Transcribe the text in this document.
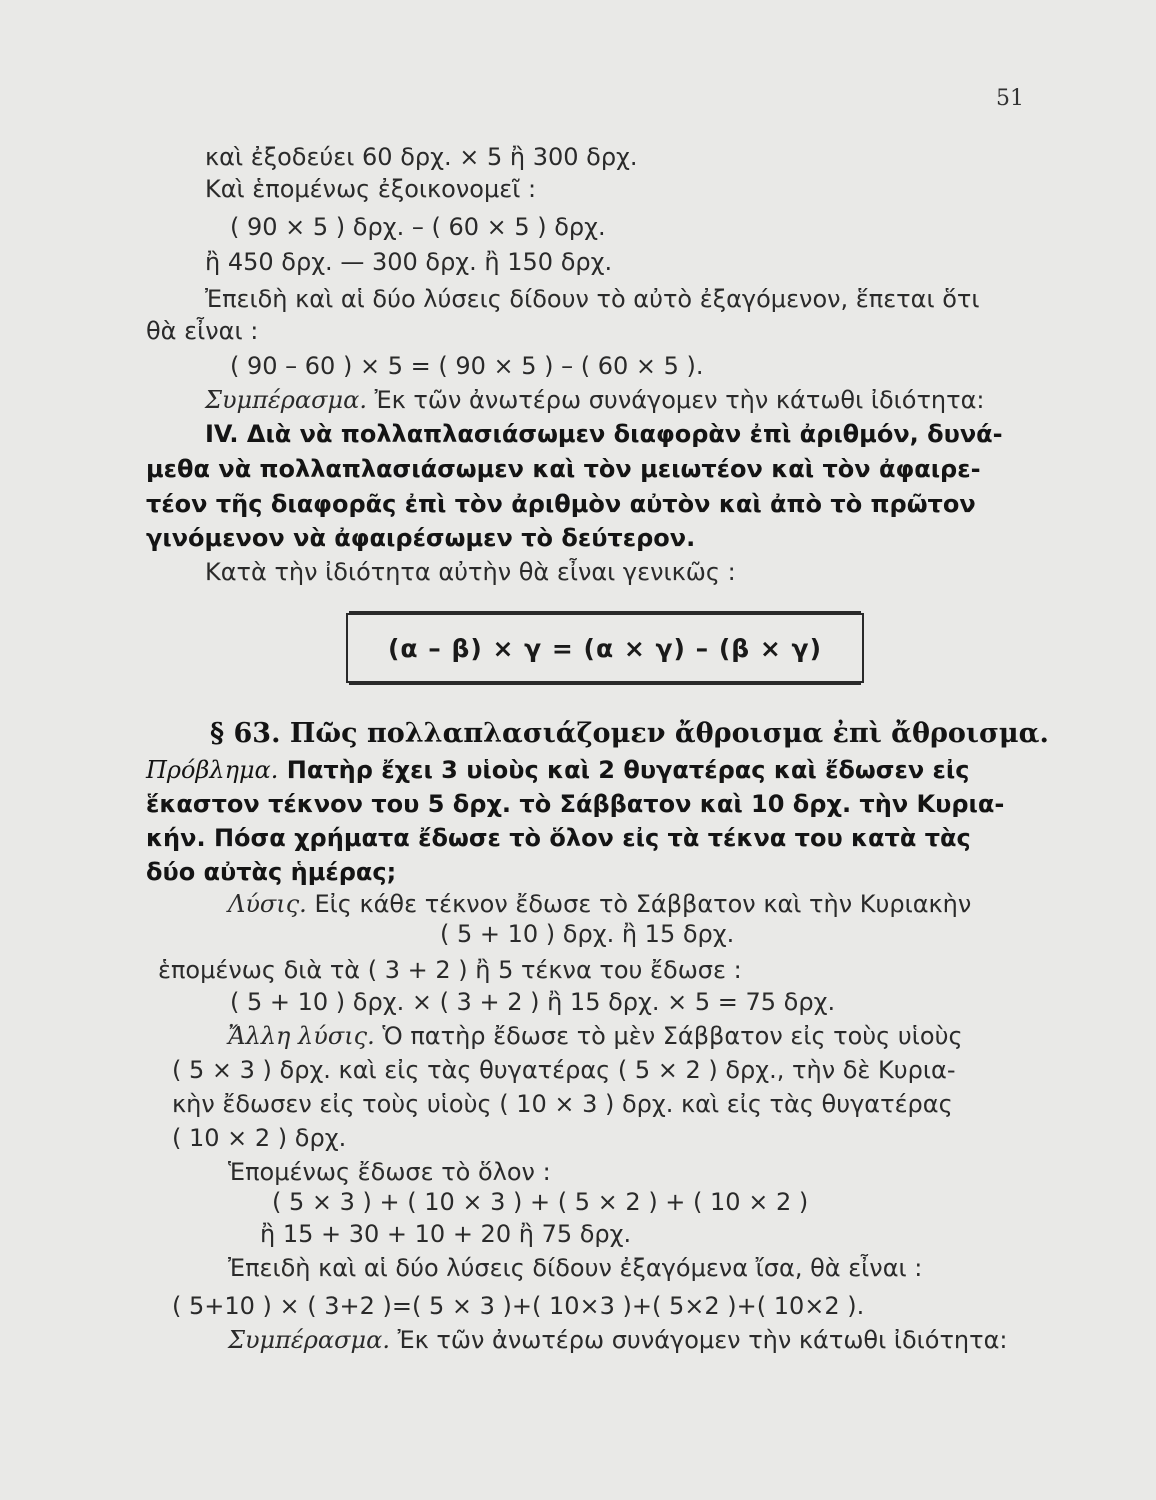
51
καὶ ἐξοδεύει 60 δρχ. × 5 ἢ 300 δρχ.
Καὶ ἑπομένως ἐξοικονομεῖ :
( 90 × 5 ) δρχ. – ( 60 × 5 ) δρχ.
ἢ 450 δρχ. — 300 δρχ. ἢ 150 δρχ.
Ἐπειδὴ καὶ αἱ δύο λύσεις δίδουν τὸ αὐτὸ ἐξαγόμενον, ἕπεται ὅτι
θὰ εἶναι :
( 90 – 60 ) × 5 = ( 90 × 5 ) – ( 60 × 5 ).
Συμπέρασμα. Ἐκ τῶν ἀνωτέρω συνάγομεν τὴν κάτωθι ἰδιότητα:
IV. Διὰ νὰ πολλαπλασιάσωμεν διαφορὰν ἐπὶ ἀριθμόν, δυνά-
μεθα νὰ πολλαπλασιάσωμεν καὶ τὸν μειωτέον καὶ τὸν ἀφαιρε-
τέον τῆς διαφορᾶς ἐπὶ τὸν ἀριθμὸν αὐτὸν καὶ ἀπὸ τὸ πρῶτον
γινόμενον νὰ ἀφαιρέσωμεν τὸ δεύτερον.
Κατὰ τὴν ἰδιότητα αὐτὴν θὰ εἶναι γενικῶς :
(α – β) × γ = (α × γ) – (β × γ)
§ 63. Πῶς πολλαπλασιάζομεν ἄθροισμα ἐπὶ ἄθροισμα.
Πρόβλημα. Πατὴρ ἔχει 3 υἱοὺς καὶ 2 θυγατέρας καὶ ἔδωσεν εἰς
ἕκαστον τέκνον του 5 δρχ. τὸ Σάββατον καὶ 10 δρχ. τὴν Κυρια-
κήν. Πόσα χρήματα ἔδωσε τὸ ὅλον εἰς τὰ τέκνα του κατὰ τὰς
δύο αὐτὰς ἡμέρας;
Λύσις. Εἰς κάθε τέκνον ἔδωσε τὸ Σάββατον καὶ τὴν Κυριακὴν
( 5 + 10 ) δρχ. ἢ 15 δρχ.
ἑπομένως διὰ τὰ ( 3 + 2 ) ἢ 5 τέκνα του ἔδωσε :
( 5 + 10 ) δρχ. × ( 3 + 2 ) ἢ 15 δρχ. × 5 = 75 δρχ.
Ἄλλη λύσις. Ὁ πατὴρ ἔδωσε τὸ μὲν Σάββατον εἰς τοὺς υἱοὺς
( 5 × 3 ) δρχ. καὶ εἰς τὰς θυγατέρας ( 5 × 2 ) δρχ., τὴν δὲ Κυρια-
κὴν ἔδωσεν εἰς τοὺς υἱοὺς ( 10 × 3 ) δρχ. καὶ εἰς τὰς θυγατέρας
( 10 × 2 ) δρχ.
Ἑπομένως ἔδωσε τὸ ὅλον :
( 5 × 3 ) + ( 10 × 3 ) + ( 5 × 2 ) + ( 10 × 2 )
ἢ 15 + 30 + 10 + 20 ἢ 75 δρχ.
Ἐπειδὴ καὶ αἱ δύο λύσεις δίδουν ἐξαγόμενα ἴσα, θὰ εἶναι :
( 5+10 ) × ( 3+2 )=( 5 × 3 )+( 10×3 )+( 5×2 )+( 10×2 ).
Συμπέρασμα. Ἐκ τῶν ἀνωτέρω συνάγομεν τὴν κάτωθι ἰδιότητα:
